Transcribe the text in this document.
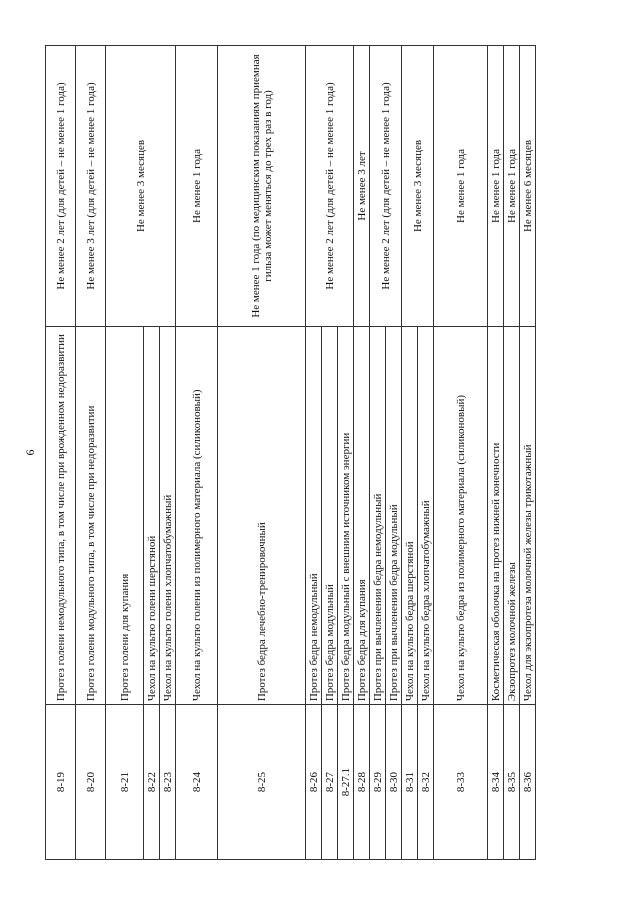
6
8-19	Протез голени немодульного типа, в том числе при врожденном недоразвитии	Не менее 2 лет (для детей – не менее 1 года)
8-20	Протез голени модульного типа, в том числе при недоразвитии	Не менее 3 лет (для детей – не менее 1 года)
8-21	Протез голени для купания	Не менее 3 месяцев
8-22	Чехол на культю голени шерстяной	
8-23	Чехол на культю голени хлопчатобумажный	
8-24	Чехол на культю голени из полимерного материала (силиконовый)	Не менее 1 года
8-25	Протез бедра лечебно-тренировочный	Не менее 1 года (по медицинским показаниям приемная гильза может меняться до трех раз в год)
8-26	Протез бедра немодульный	Не менее 2 лет (для детей – не менее 1 года)
8-27	Протез бедра модульный	
8-27.1	Протез бедра модульный с внешним источником энергии	
8-28	Протез бедра для купания	Не менее 3 лет
8-29	Протез при вычленении бедра немодульный	Не менее 2 лет (для детей – не менее 1 года)
8-30	Протез при вычленении бедра модульный	
8-31	Чехол на культю бедра шерстяной	Не менее 3 месяцев
8-32	Чехол на культю бедра хлопчатобумажный	
8-33	Чехол на культю бедра из полимерного материала (силиконовый)	Не менее 1 года
8-34	Косметическая оболочка на протез нижней конечности	Не менее 1 года
8-35	Экзопротез молочной железы	Не менее 1 года
8-36	Чехол для экзопротеза молочной железы трикотажный	Не менее 6 месяцев
